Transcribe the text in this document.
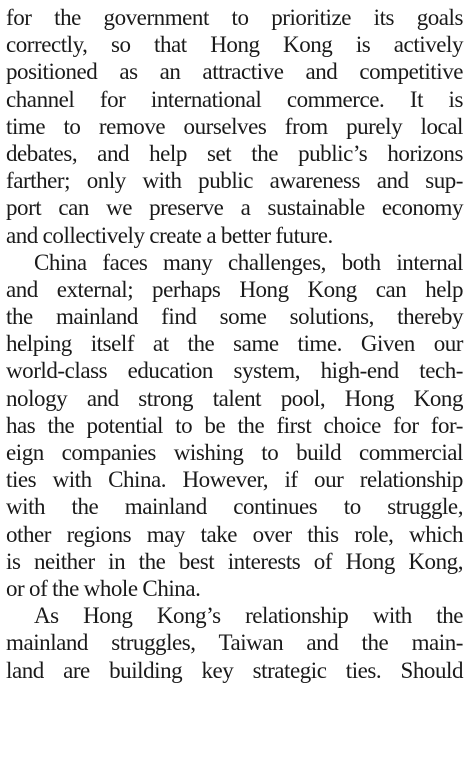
for the government to prioritize its goals
correctly, so that Hong Kong is actively
positioned as an attractive and competitive
channel for international commerce. It is
time to remove ourselves from purely local
debates, and help set the public’s horizons
farther; only with public awareness and sup-
port can we preserve a sustainable economy
and collectively create a better future.
China faces many challenges, both internal
and external; perhaps Hong Kong can help
the mainland find some solutions, thereby
helping itself at the same time. Given our
world-class education system, high-end tech-
nology and strong talent pool, Hong Kong
has the potential to be the first choice for for-
eign companies wishing to build commercial
ties with China. However, if our relationship
with the mainland continues to struggle,
other regions may take over this role, which
is neither in the best interests of Hong Kong,
or of the whole China.
As Hong Kong’s relationship with the
mainland struggles, Taiwan and the main-
land are building key strategic ties. Should
